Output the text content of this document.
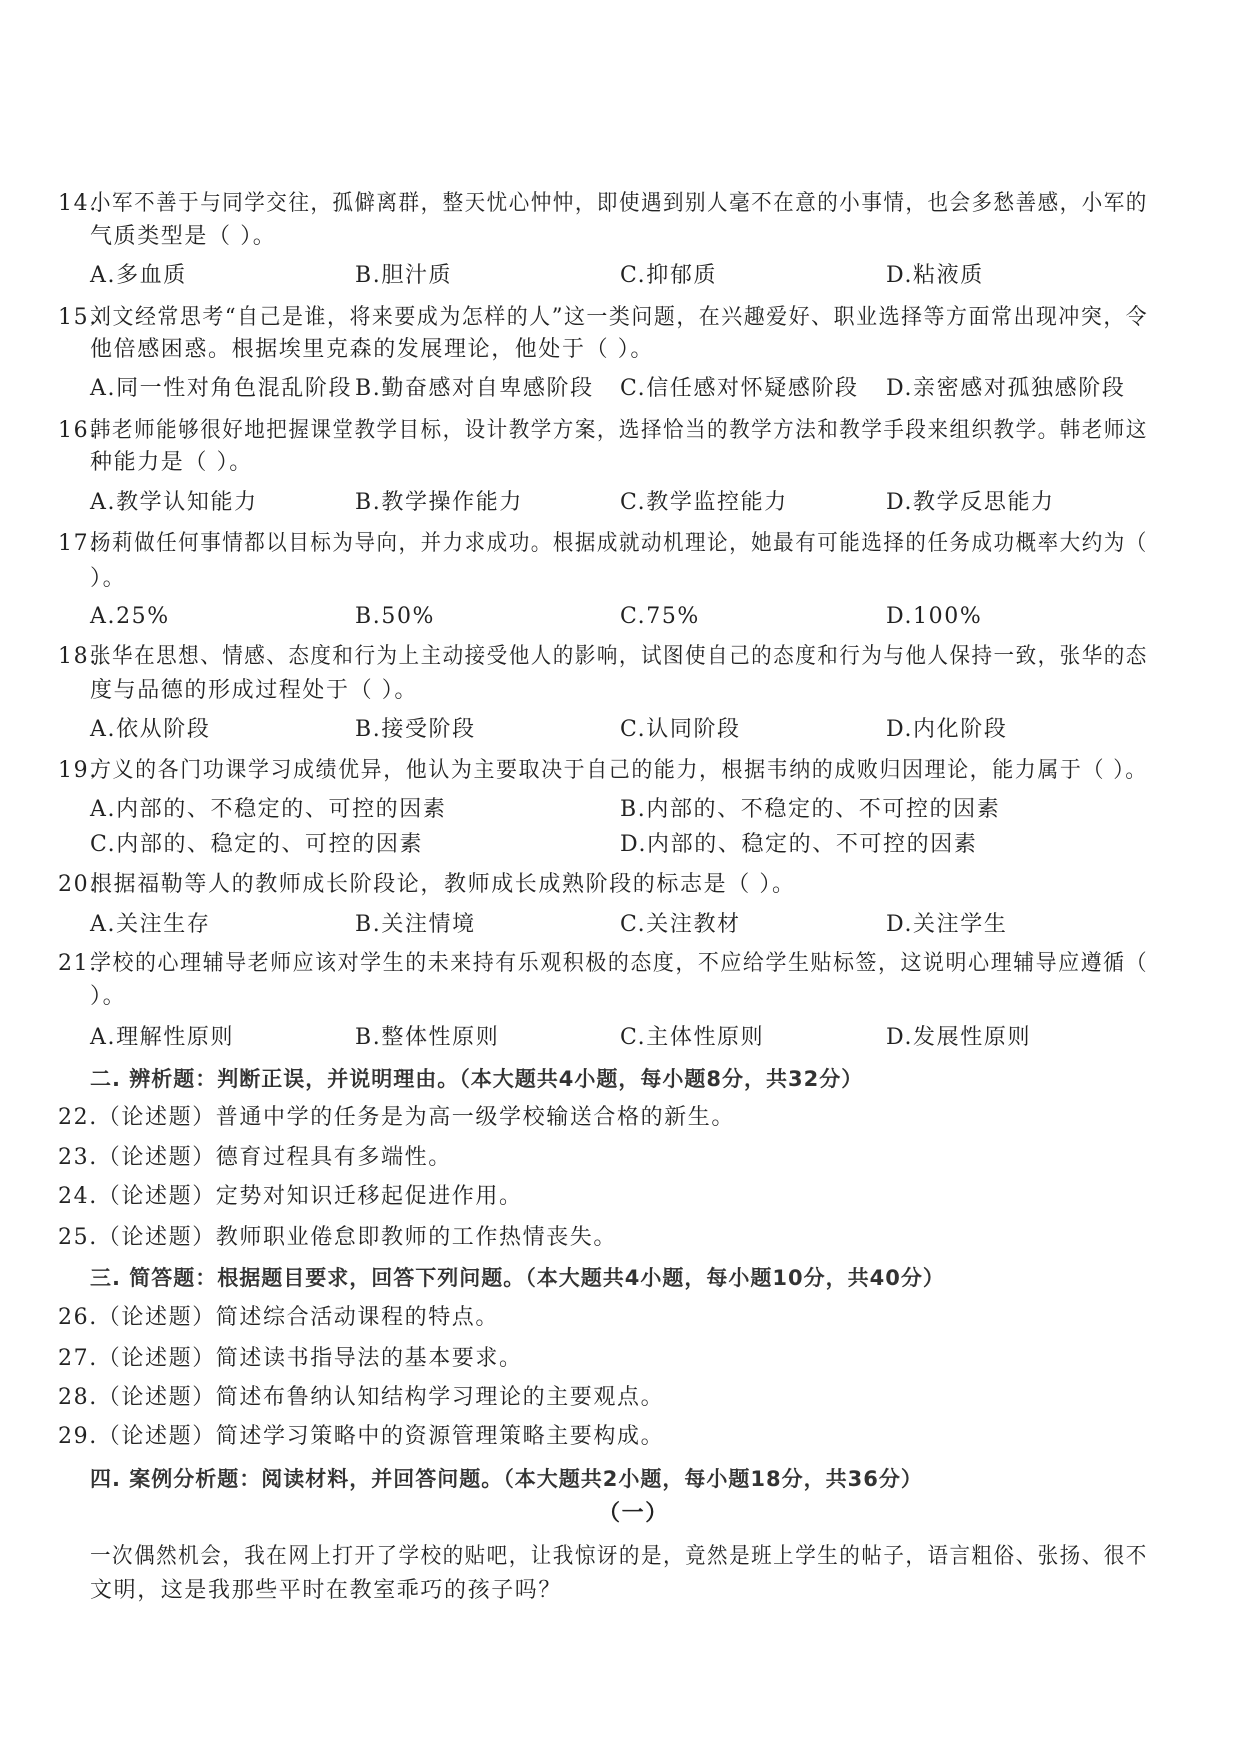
14.
小军不善于与同学交往，孤僻离群，整天忧心忡忡，即使遇到别人毫不在意的小事情，也会多愁善感，小军的
气质类型是（ ）。
A.多血质	B.胆汁质	C.抑郁质	D.粘液质
15.
刘文经常思考“自己是谁，将来要成为怎样的人”这一类问题，在兴趣爱好、职业选择等方面常出现冲突，令
他倍感困惑。根据埃里克森的发展理论，他处于（ ）。
A.同一性对角色混乱阶段 B.勤奋感对自卑感阶段 C.信任感对怀疑感阶段 D.亲密感对孤独感阶段
16.
韩老师能够很好地把握课堂教学目标，设计教学方案，选择恰当的教学方法和教学手段来组织教学。韩老师这
种能力是（ ）。
A.教学认知能力	B.教学操作能力	C.教学监控能力	D.教学反思能力
17.
杨莉做任何事情都以目标为导向，并力求成功。根据成就动机理论，她最有可能选择的任务成功概率大约为（
）。
A.25%	B.50%	C.75%	D.100%
18.
张华在思想、情感、态度和行为上主动接受他人的影响，试图使自己的态度和行为与他人保持一致，张华的态
度与品德的形成过程处于（ ）。
A.依从阶段	B.接受阶段	C.认同阶段	D.内化阶段
19.
方义的各门功课学习成绩优异，他认为主要取决于自己的能力，根据韦纳的成败归因理论，能力属于（ ）。
A.内部的、不稳定的、可控的因素	B.内部的、不稳定的、不可控的因素
C.内部的、稳定的、可控的因素	D.内部的、稳定的、不可控的因素
20.
根据福勒等人的教师成长阶段论，教师成长成熟阶段的标志是（ ）。
A.关注生存	B.关注情境	C.关注教材	D.关注学生
21.
学校的心理辅导老师应该对学生的未来持有乐观积极的态度，不应给学生贴标签，这说明心理辅导应遵循（
）。
A.理解性原则	B.整体性原则	C.主体性原则	D.发展性原则
二. 辨析题：判断正误，并说明理由。（本大题共4小题，每小题8分，共32分）
22.（论述题）普通中学的任务是为高一级学校输送合格的新生。
23.（论述题）德育过程具有多端性。
24.（论述题）定势对知识迁移起促进作用。
25.（论述题）教师职业倦怠即教师的工作热情丧失。
三. 简答题：根据题目要求，回答下列问题。（本大题共4小题，每小题10分，共40分）
26.（论述题）简述综合活动课程的特点。
27.（论述题）简述读书指导法的基本要求。
28.（论述题）简述布鲁纳认知结构学习理论的主要观点。
29.（论述题）简述学习策略中的资源管理策略主要构成。
四. 案例分析题：阅读材料，并回答问题。（本大题共2小题，每小题18分，共36分）
（一）
一次偶然机会，我在网上打开了学校的贴吧，让我惊讶的是，竟然是班上学生的帖子，语言粗俗、张扬、很不
文明，这是我那些平时在教室乖巧的孩子吗？
